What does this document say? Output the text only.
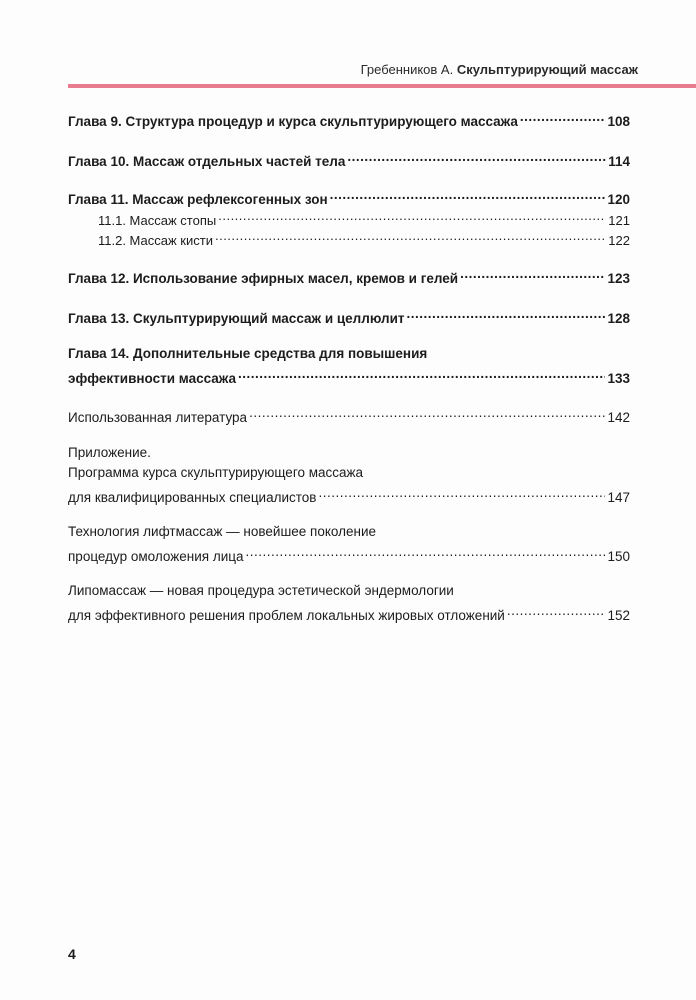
Гребенников А. Скульптурирующий массаж
Глава 9. Структура процедур и курса скульптурирующего массажа .....	108
Глава 10. Массаж отдельных частей тела .....	114
Глава 11. Массаж рефлексогенных зон .....	120
11.1. Массаж стопы .....	121
11.2. Массаж кисти .....	122
Глава 12. Использование эфирных масел, кремов и гелей .....	123
Глава 13. Скульптурирующий массаж и целлюлит .....	128
Глава 14. Дополнительные средства для повышения
эффективности массажа .....	133
Использованная литература .....	142
Приложение.
Программа курса скульптурирующего массажа
для квалифицированных специалистов .....	147
Технология лифтмассаж — новейшее поколение
процедур омоложения лица .....	150
Липомассаж — новая процедура эстетической эндермологии
для эффективного решения проблем локальных жировых отложений .....	152
4
